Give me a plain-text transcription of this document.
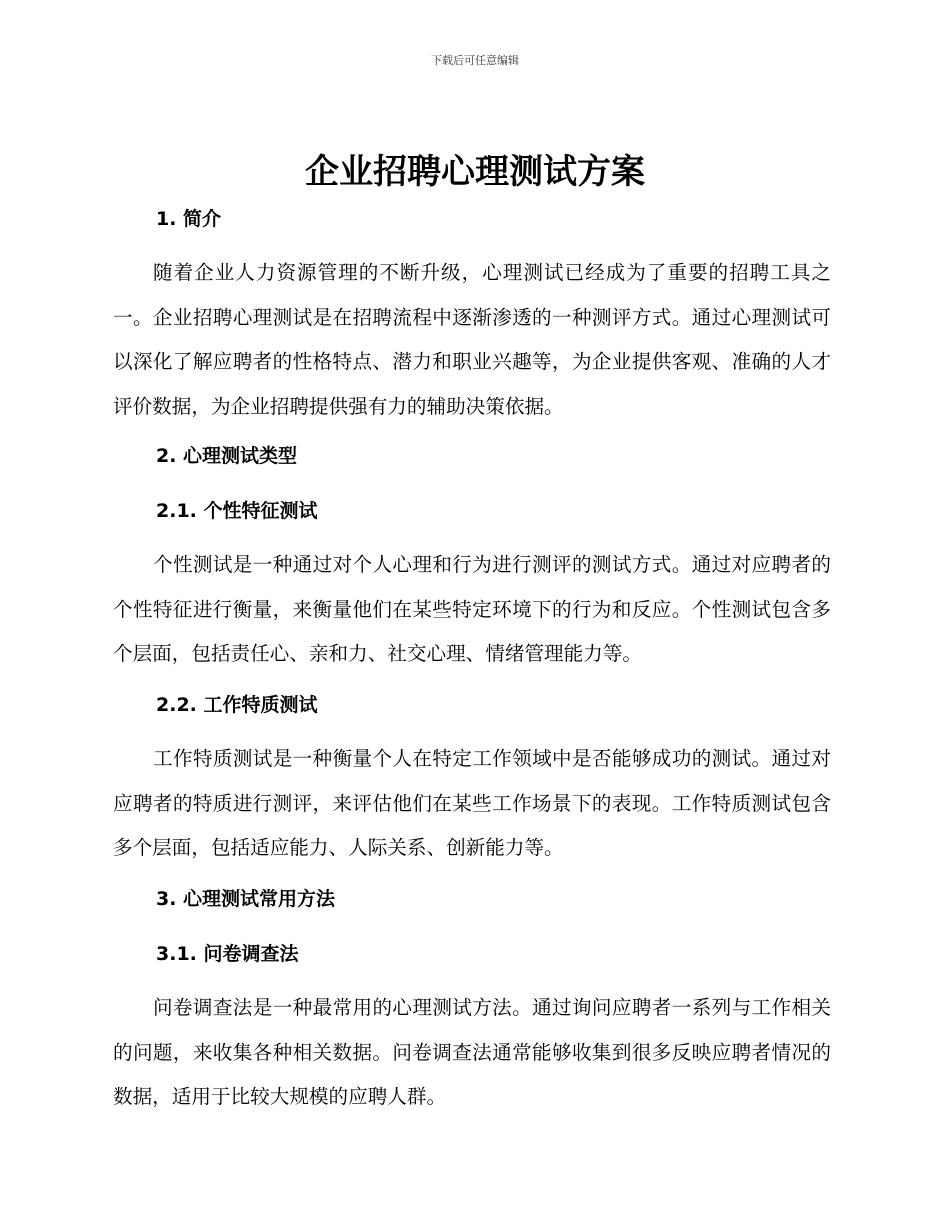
下载后可任意编辑
企业招聘心理测试方案
1. 简介

随着企业人力资源管理的不断升级，心理测试已经成为了重要的招聘工具之一。企业招聘心理测试是在招聘流程中逐渐渗透的一种测评方式。通过心理测试可以深化了解应聘者的性格特点、潜力和职业兴趣等，为企业提供客观、准确的人才评价数据，为企业招聘提供强有力的辅助决策依据。

2. 心理测试类型
2.1. 个性特征测试

个性测试是一种通过对个人心理和行为进行测评的测试方式。通过对应聘者的个性特征进行衡量，来衡量他们在某些特定环境下的行为和反应。个性测试包含多个层面，包括责任心、亲和力、社交心理、情绪管理能力等。

2.2. 工作特质测试

工作特质测试是一种衡量个人在特定工作领域中是否能够成功的测试。通过对应聘者的特质进行测评，来评估他们在某些工作场景下的表现。工作特质测试包含多个层面，包括适应能力、人际关系、创新能力等。

3. 心理测试常用方法
3.1. 问卷调查法

问卷调查法是一种最常用的心理测试方法。通过询问应聘者一系列与工作相关的问题，来收集各种相关数据。问卷调查法通常能够收集到很多反映应聘者情况的数据，适用于比较大规模的应聘人群。
